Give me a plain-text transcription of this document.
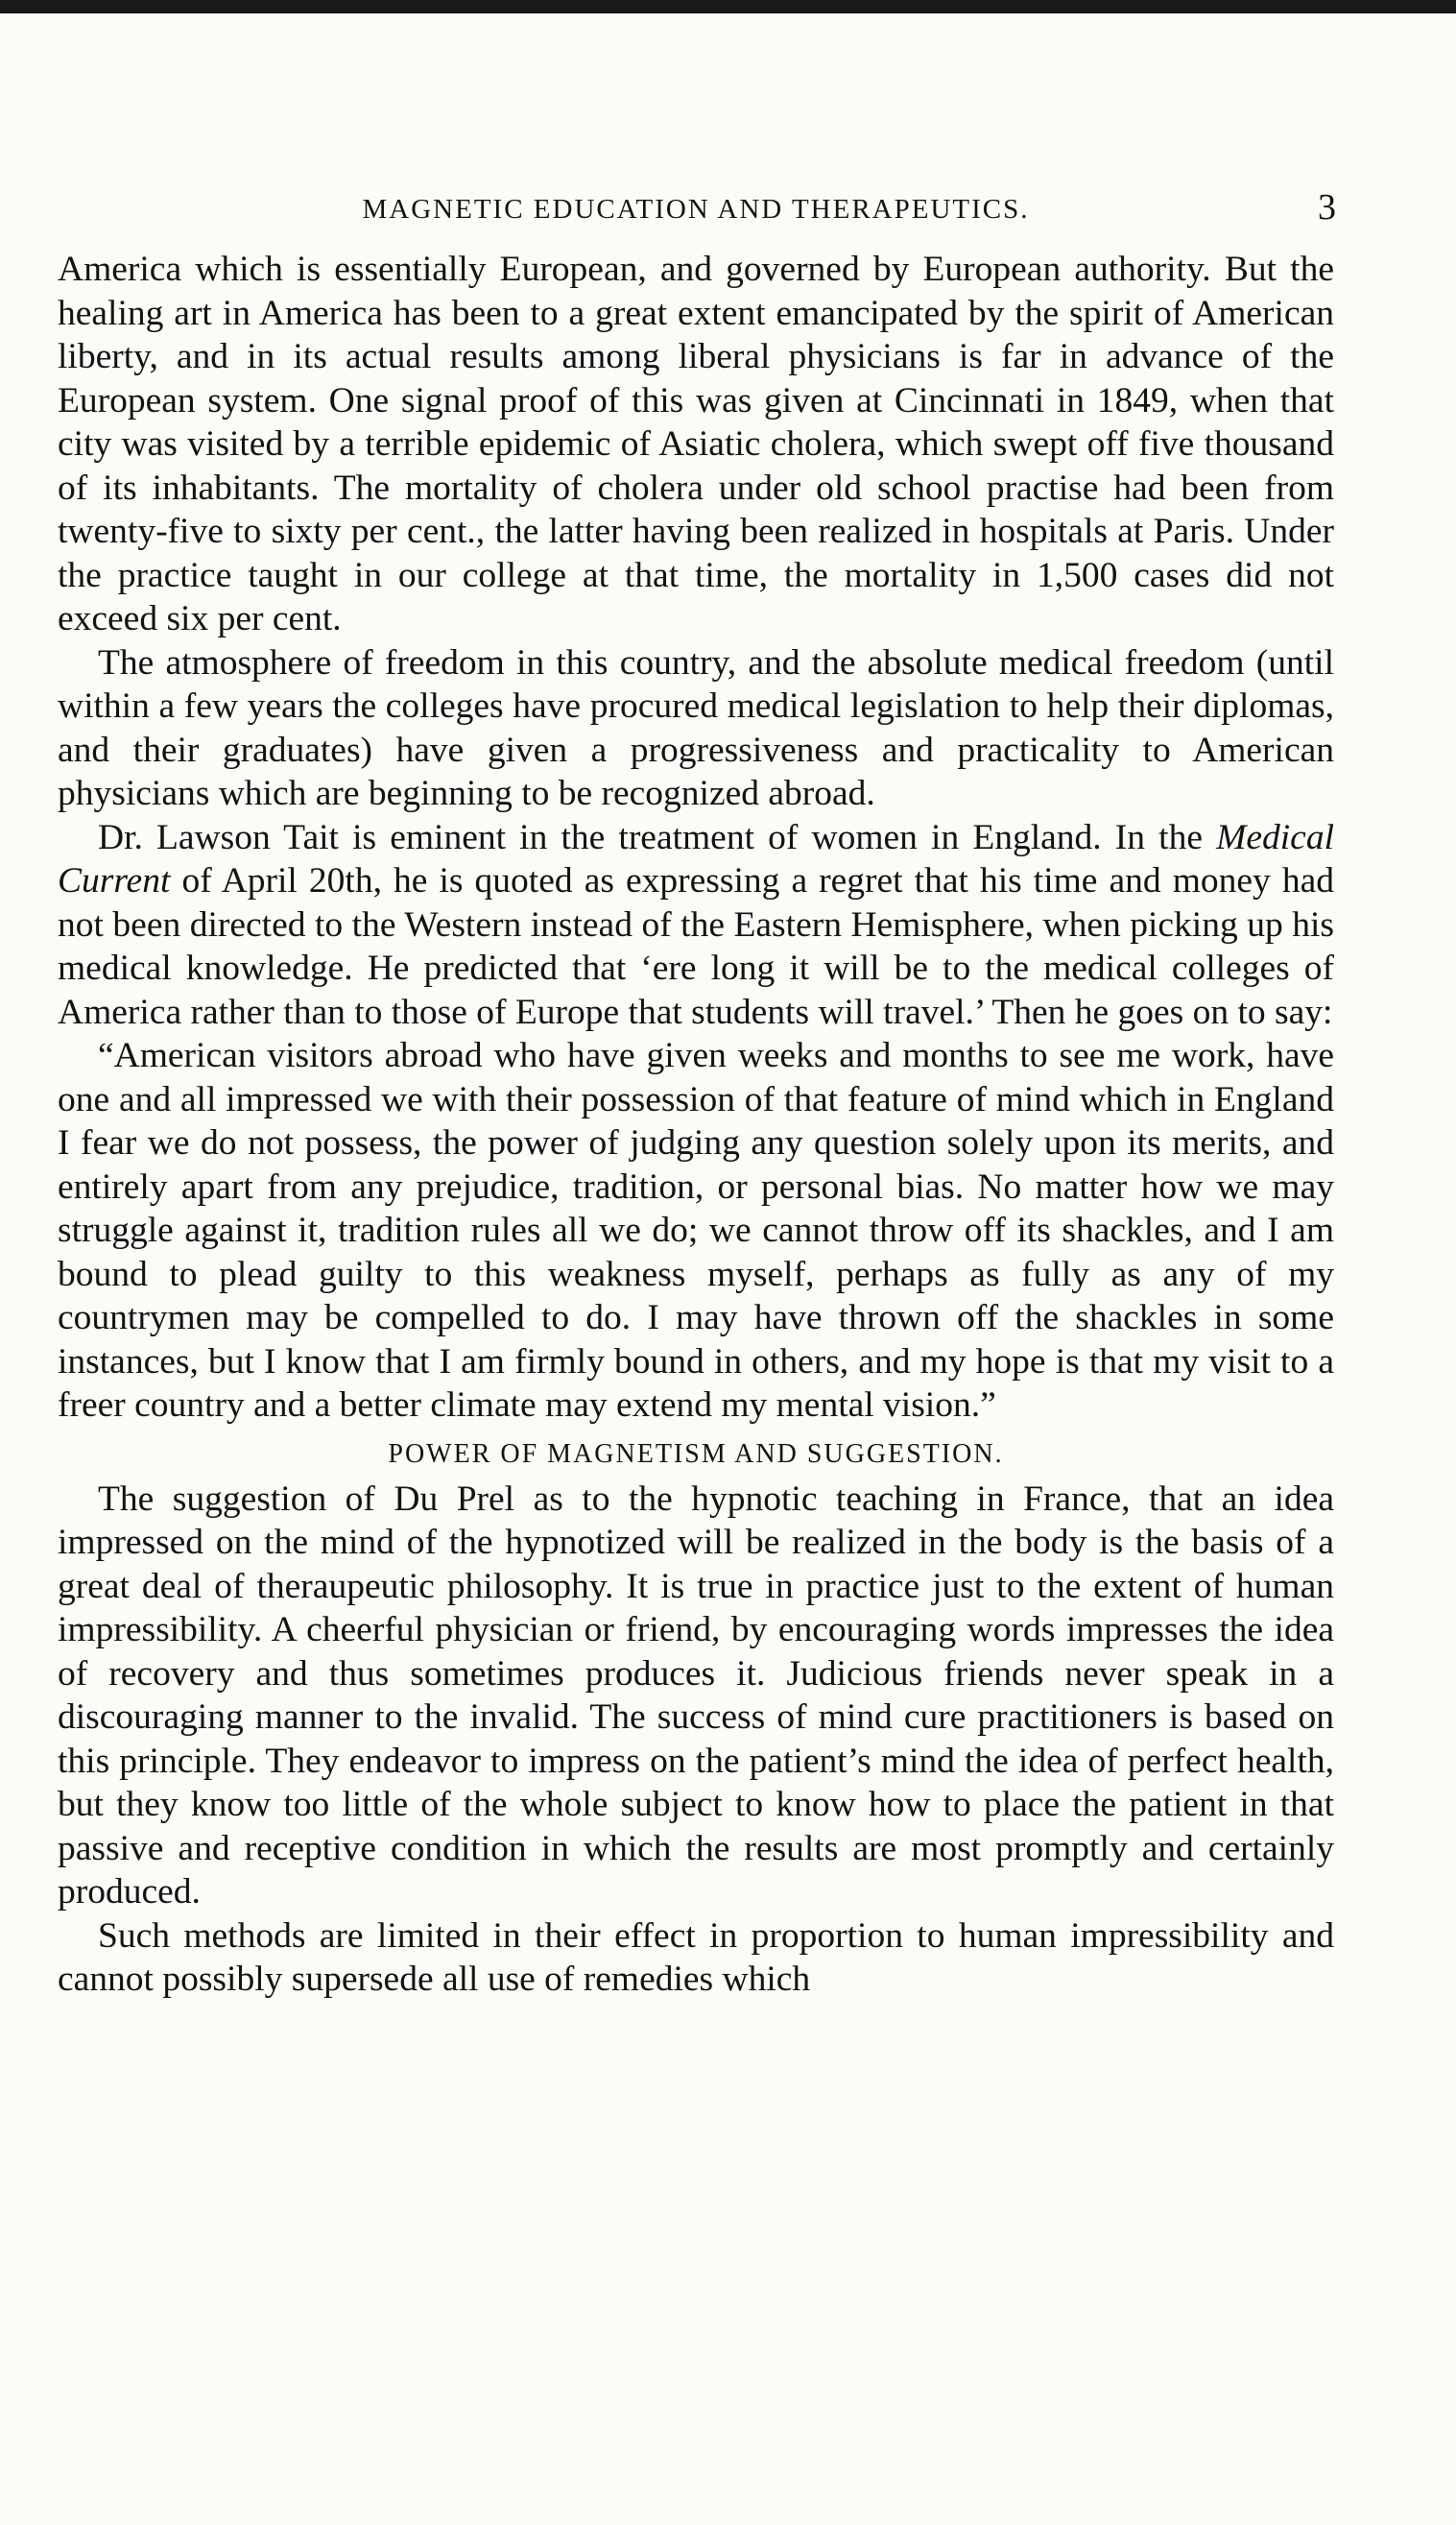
MAGNETIC EDUCATION AND THERAPEUTICS.	3

America which is essentially European, and governed by European authority. But the healing art in America has been to a great extent emancipated by the spirit of American liberty, and in its actual results among liberal physicians is far in advance of the European system. One signal proof of this was given at Cincinnati in 1849, when that city was visited by a terrible epidemic of Asiatic cholera, which swept off five thousand of its inhabitants. The mortality of cholera under old school practise had been from twenty-five to sixty per cent., the latter having been realized in hospitals at Paris. Under the practice taught in our college at that time, the mortality in 1,500 cases did not exceed six per cent.

The atmosphere of freedom in this country, and the absolute medical freedom (until within a few years the colleges have procured medical legislation to help their diplomas, and their graduates) have given a progressiveness and practicality to American physicians which are beginning to be recognized abroad.

Dr. Lawson Tait is eminent in the treatment of women in England. In the Medical Current of April 20th, he is quoted as expressing a regret that his time and money had not been directed to the Western instead of the Eastern Hemisphere, when picking up his medical knowledge. He predicted that ‘ere long it will be to the medical colleges of America rather than to those of Europe that students will travel.’ Then he goes on to say:

“American visitors abroad who have given weeks and months to see me work, have one and all impressed we with their possession of that feature of mind which in England I fear we do not possess, the power of judging any question solely upon its merits, and entirely apart from any prejudice, tradition, or personal bias. No matter how we may struggle against it, tradition rules all we do; we cannot throw off its shackles, and I am bound to plead guilty to this weakness myself, perhaps as fully as any of my countrymen may be compelled to do. I may have thrown off the shackles in some instances, but I know that I am firmly bound in others, and my hope is that my visit to a freer country and a better climate may extend my mental vision.”

POWER OF MAGNETISM AND SUGGESTION.

The suggestion of Du Prel as to the hypnotic teaching in France, that an idea impressed on the mind of the hypnotized will be realized in the body is the basis of a great deal of theraupeutic philosophy. It is true in practice just to the extent of human impressibility. A cheerful physician or friend, by encouraging words impresses the idea of recovery and thus sometimes produces it. Judicious friends never speak in a discouraging manner to the invalid. The success of mind cure practitioners is based on this principle. They endeavor to impress on the patient’s mind the idea of perfect health, but they know too little of the whole subject to know how to place the patient in that passive and receptive condition in which the results are most promptly and certainly produced.

Such methods are limited in their effect in proportion to human impressibility and cannot possibly supersede all use of remedies which
